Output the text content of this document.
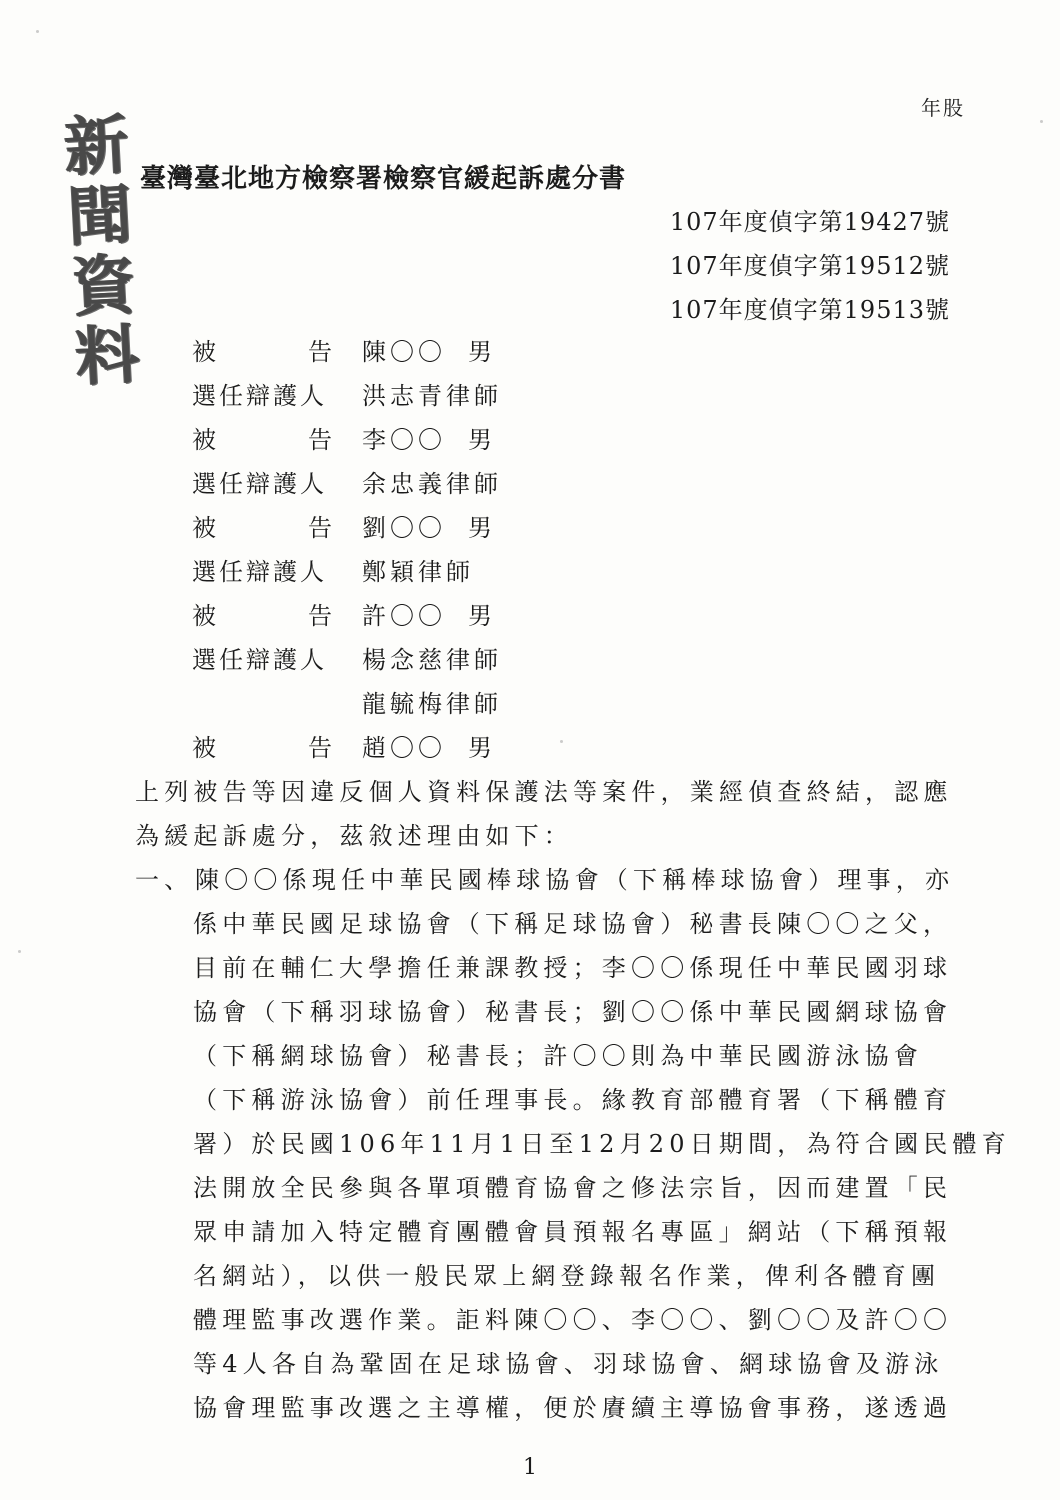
年股
新
聞
資
料
臺灣臺北地方檢察署檢察官緩起訴處分書
107年度偵字第19427號
107年度偵字第19512號
107年度偵字第19513號
被	告 陳〇〇 男
選任辯護人	洪志青律師
被	告 李〇〇 男
選任辯護人	余忠義律師
被	告 劉〇〇 男
選任辯護人	鄭穎律師
被	告 許〇〇 男
選任辯護人	楊念慈律師
龍毓梅律師
被	告 趙〇〇 男
上列被告等因違反個人資料保護法等案件，業經偵查終結，認應
為緩起訴處分，茲敘述理由如下：
一、 陳〇〇係現任中華民國棒球協會（下稱棒球協會）理事，亦
係中華民國足球協會（下稱足球協會）秘書長陳〇〇之父，
目前在輔仁大學擔任兼課教授；李〇〇係現任中華民國羽球
協會（下稱羽球協會）秘書長；劉〇〇係中華民國網球協會
（下稱網球協會）秘書長；許〇〇則為中華民國游泳協會
（下稱游泳協會）前任理事長。緣教育部體育署（下稱體育
署）於民國106年11月1日至12月20日期間，為符合國民體育
法開放全民參與各單項體育協會之修法宗旨，因而建置「民
眾申請加入特定體育團體會員預報名專區」網站（下稱預報
名網站），以供一般民眾上網登錄報名作業，俾利各體育團
體理監事改選作業。詎料陳〇〇、李〇〇、劉〇〇及許〇〇
等4人各自為鞏固在足球協會、羽球協會、網球協會及游泳
協會理監事改選之主導權，便於賡續主導協會事務，遂透過
1
